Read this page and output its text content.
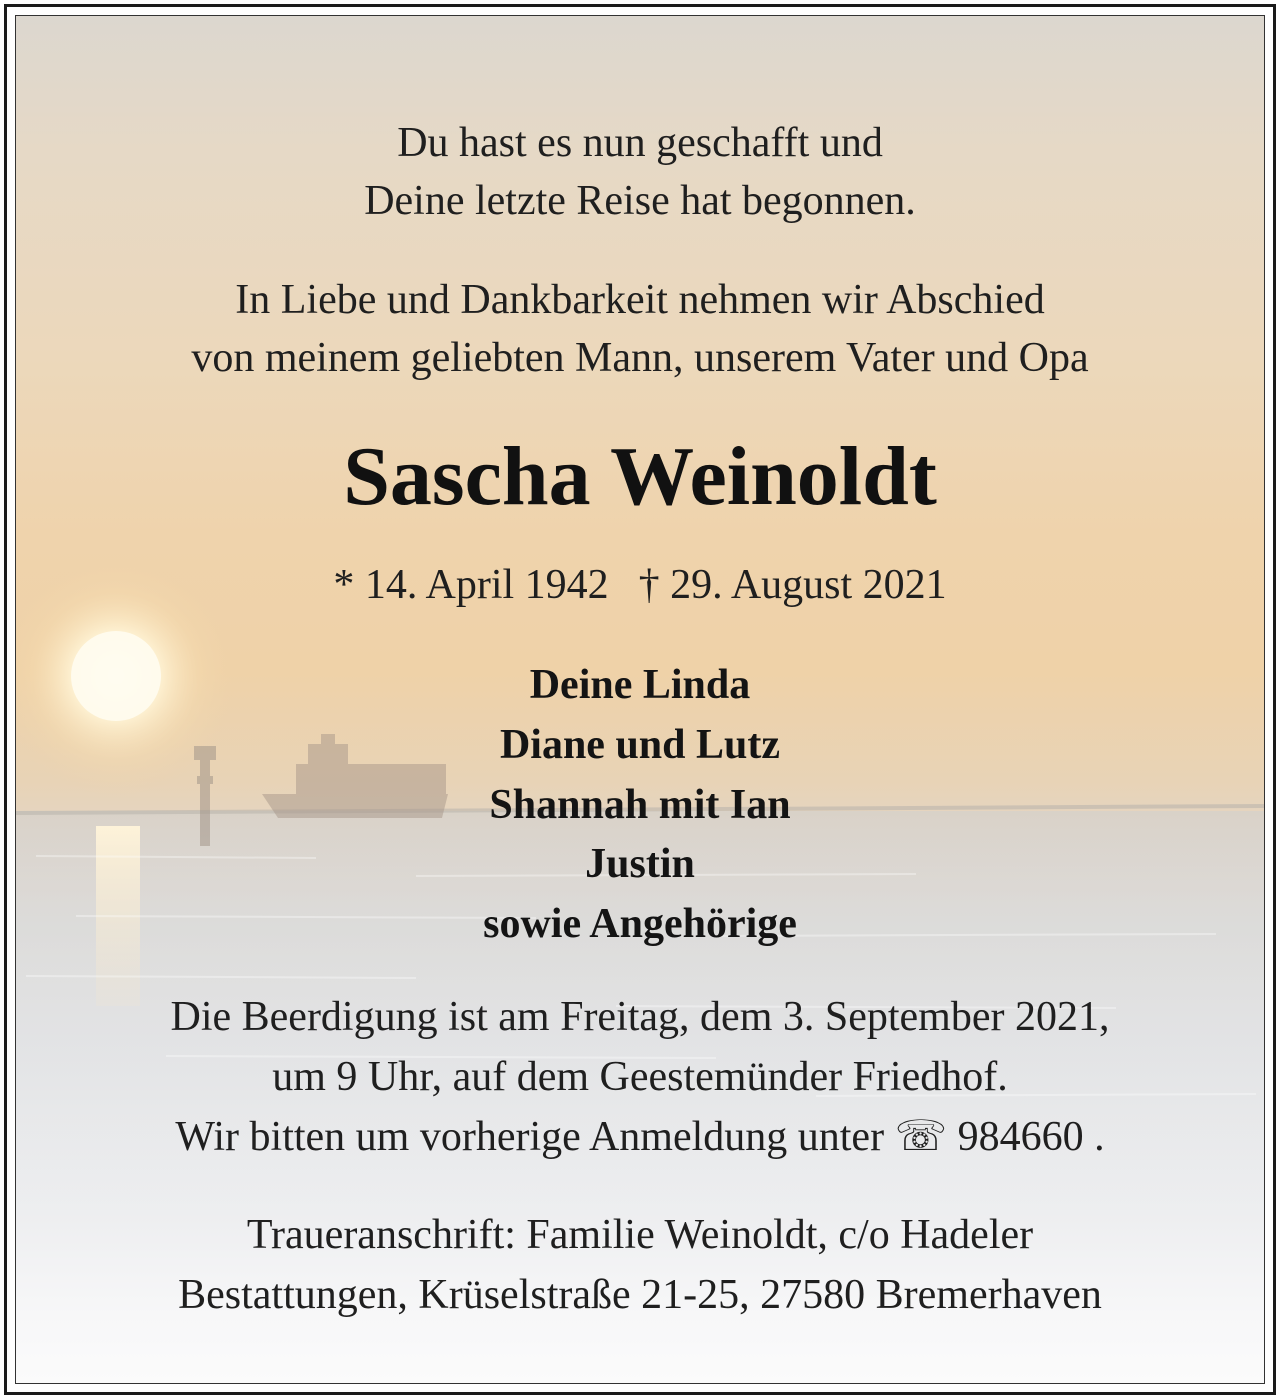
Du hast es nun geschafft und
Deine letzte Reise hat begonnen.
In Liebe und Dankbarkeit nehmen wir Abschied
von meinem geliebten Mann, unserem Vater und Opa
Sascha Weinoldt
* 14. April 1942 † 29. August 2021
Deine Linda
Diane und Lutz
Shannah mit Ian
Justin
sowie Angehörige
Die Beerdigung ist am Freitag, dem 3. September 2021,
um 9 Uhr, auf dem Geestemünder Friedhof.
Wir bitten um vorherige Anmeldung unter ☏ 984660 .
Traueranschrift: Familie Weinoldt, c/o Hadeler
Bestattungen, Krüselstraße 21-25, 27580 Bremerhaven
